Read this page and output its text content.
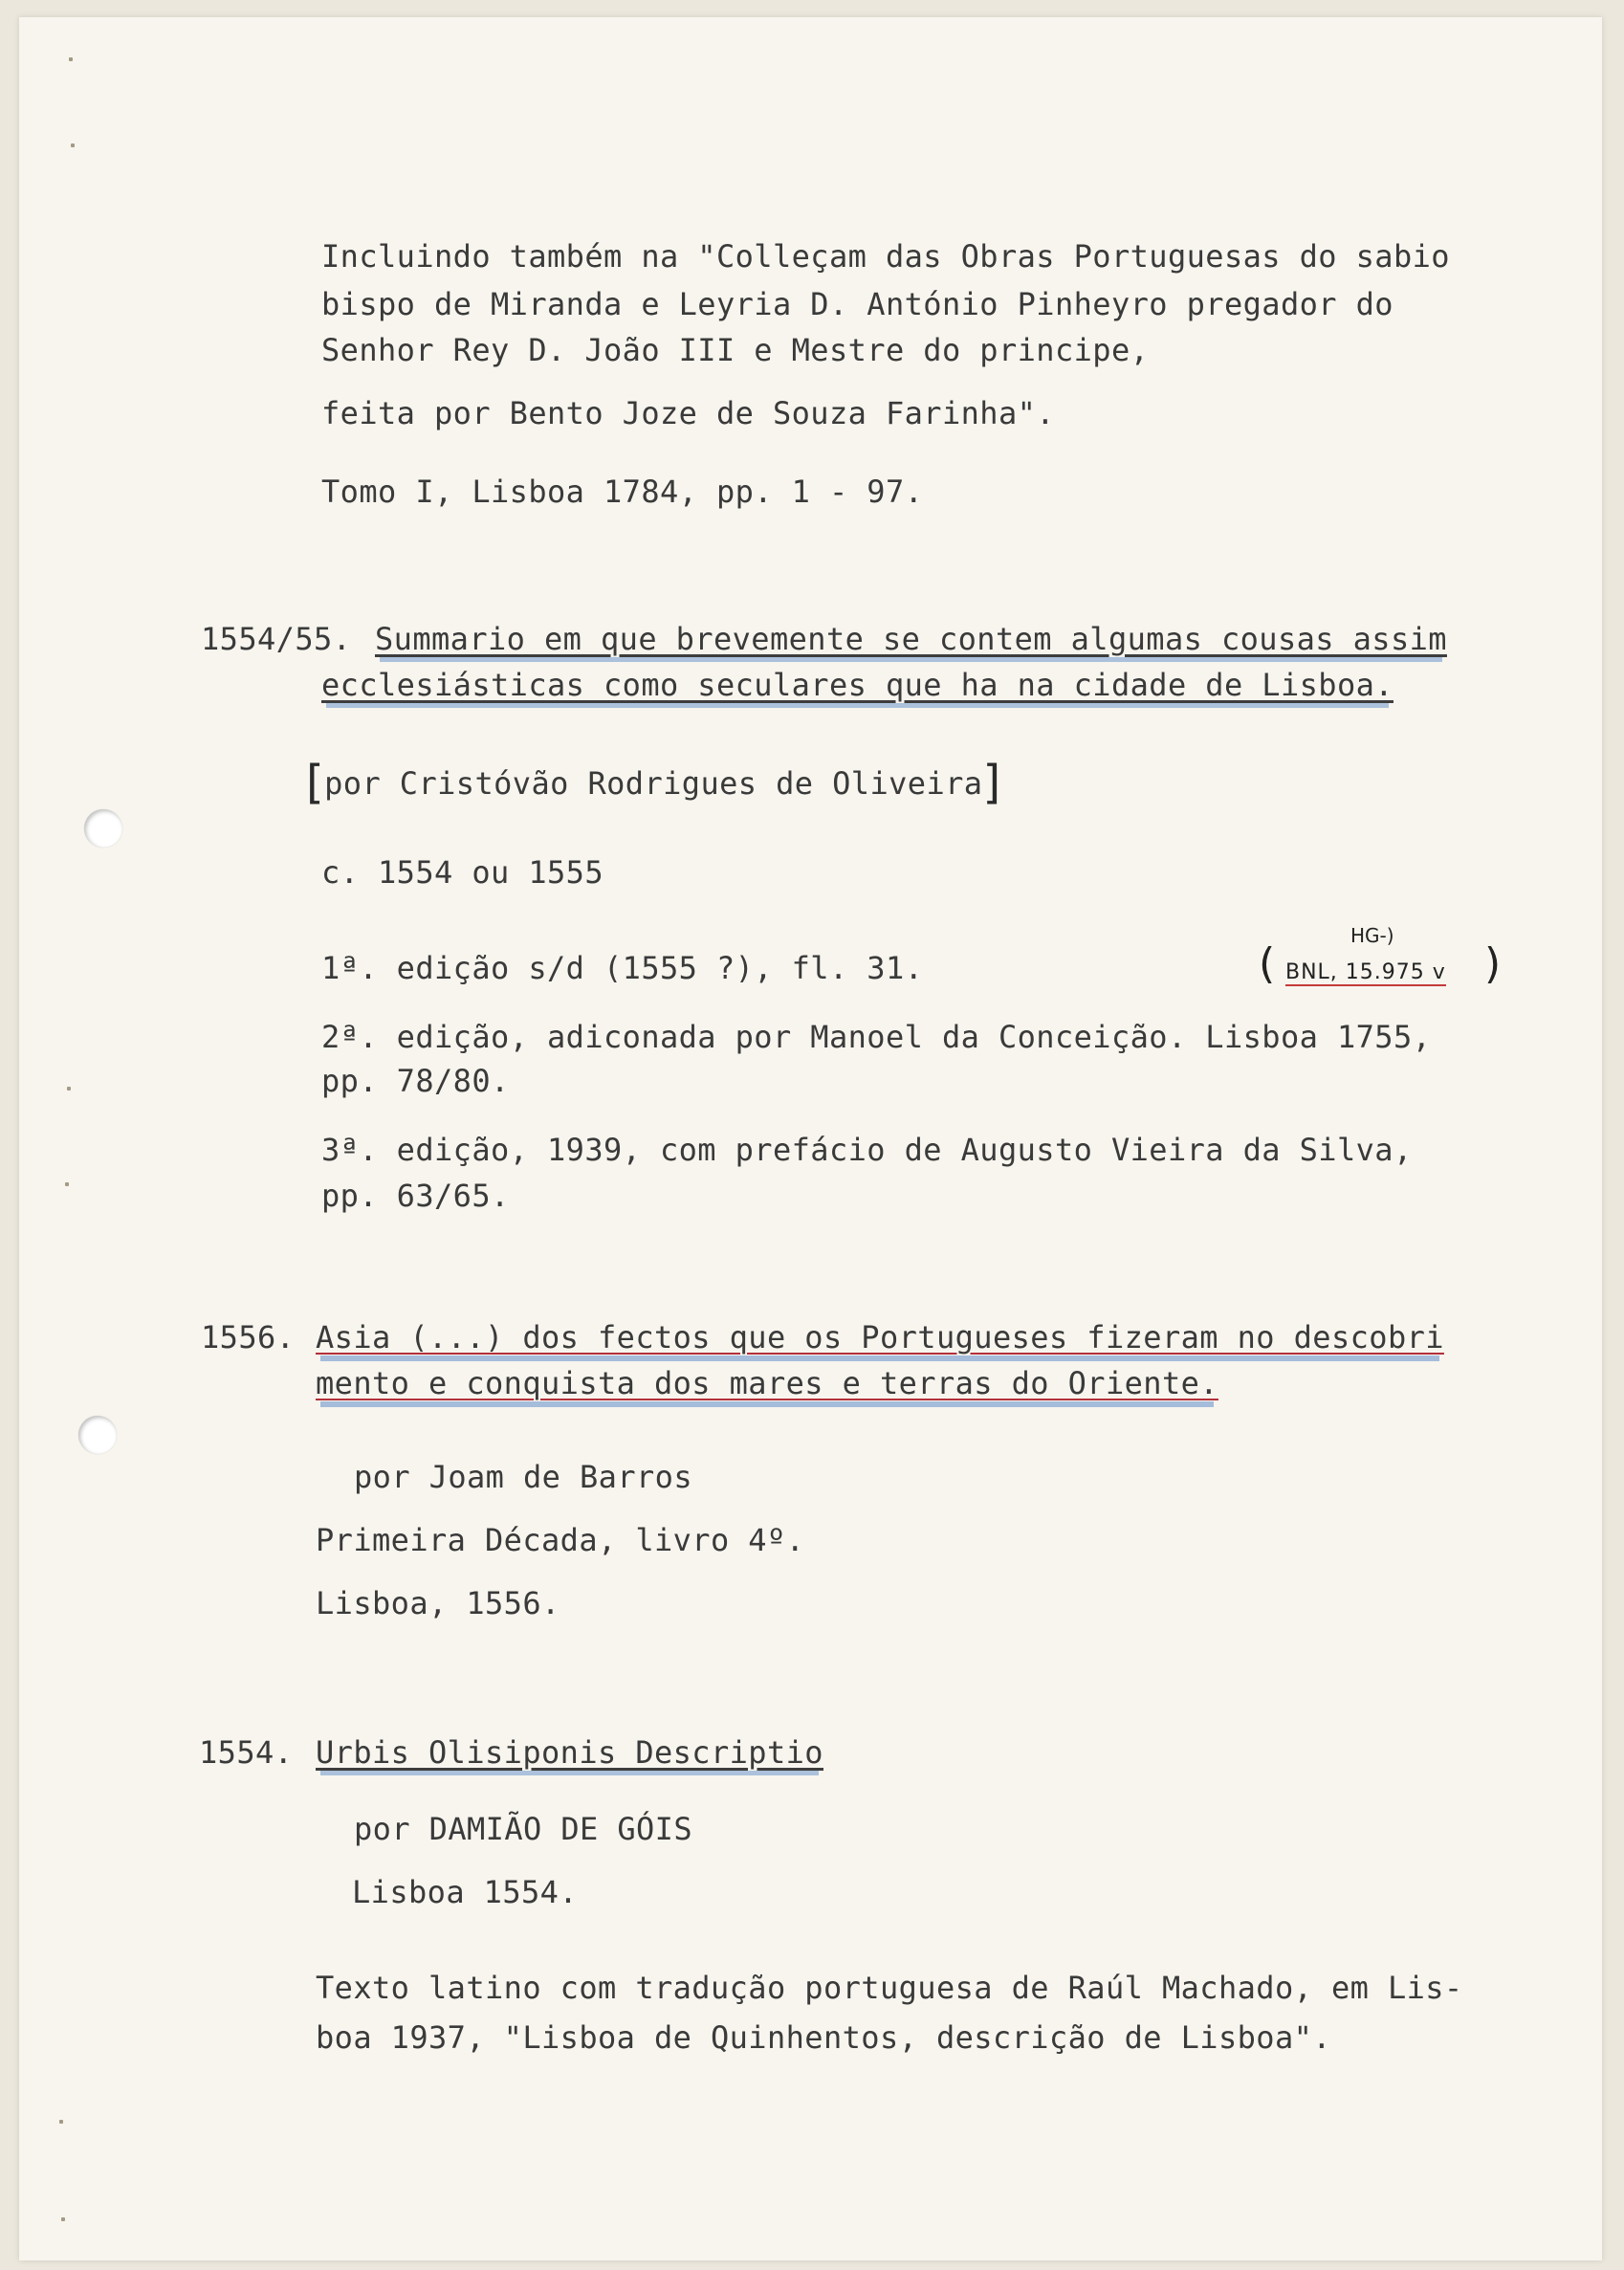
Incluindo também na "Colleçam das Obras Portuguesas do sabio
bispo de Miranda e Leyria D. António Pinheyro pregador do
Senhor Rey D. João III e Mestre do principe,
feita por Bento Joze de Souza Farinha".
Tomo I, Lisboa 1784, pp. 1 - 97.
1554/55. Summario em que brevemente se contem algumas cousas assim
ecclesiásticas como seculares que ha na cidade de Lisboa.
[por Cristóvão Rodrigues de Oliveira]
c. 1554 ou 1555
1ª. edição s/d (1555 ?), fl. 31.	(
HG-)
BNL, 15.975 v )
2ª. edição, adiconada por Manoel da Conceição. Lisboa 1755,
pp. 78/80.
3ª. edição, 1939, com prefácio de Augusto Vieira da Silva,
pp. 63/65.
1556. Asia (...) dos fectos que os Portugueses fizeram no descobri
mento e conquista dos mares e terras do Oriente.
por Joam de Barros
Primeira Década, livro 4º.
Lisboa, 1556.
1554. Urbis Olisiponis Descriptio
por DAMIÃO DE GÓIS
Lisboa 1554.
Texto latino com tradução portuguesa de Raúl Machado, em Lis-
boa 1937, "Lisboa de Quinhentos, descrição de Lisboa".
